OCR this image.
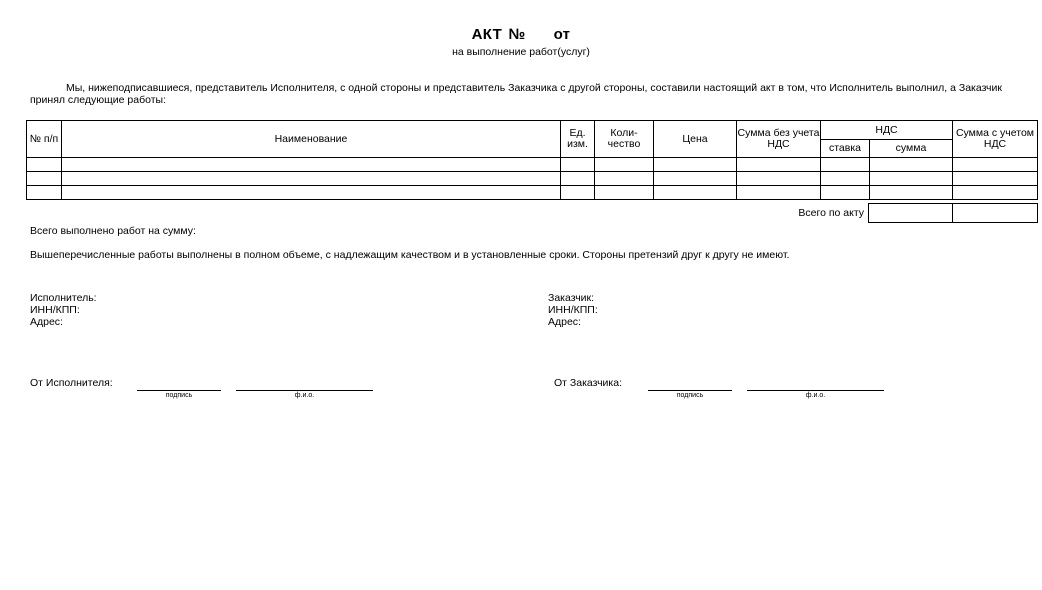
АКТ № от
на выполнение работ(услуг)
Мы, нижеподписавшиеся, представитель Исполнителя, с одной стороны и представитель Заказчика с другой стороны, составили настоящий акт в том, что Исполнитель выполнил, а Заказчик принял следующие работы:
№ п/п	Наименование	Ед. изм.	Коли-чество	Цена	Сумма без учета НДС	НДС		Сумма с учетом НДС
						ставка	сумма	

Всего по акту

Всего выполнено работ на сумму:
Вышеперечисленные работы выполнены в полном объеме, с надлежащим качеством и в установленные сроки. Стороны претензий друг к другу не имеют.
Исполнитель:
ИНН/КПП:
Адрес:
Заказчик:
ИНН/КПП:
Адрес:
От Исполнителя:
подпись	ф.и.о.
От Заказчика:
подпись	ф.и.о.
